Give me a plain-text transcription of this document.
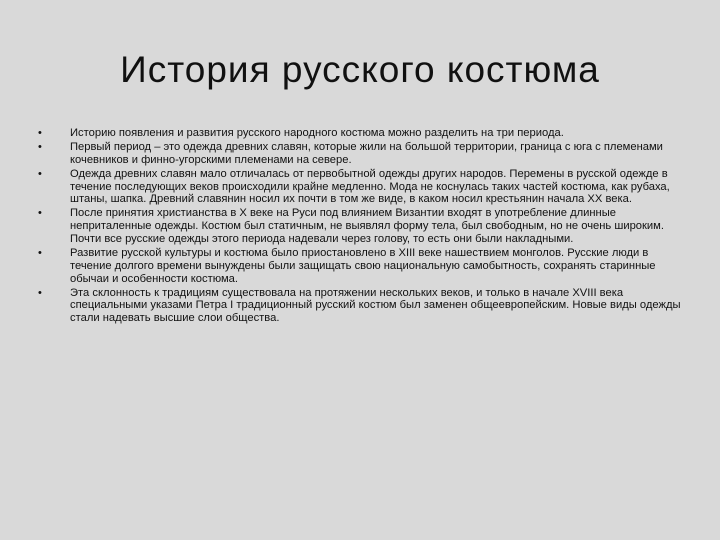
История русского костюма
•	Историю появления и развития русского народного костюма можно разделить на три периода.
•	Первый период – это одежда древних славян, которые жили на большой территории, граница с юга с племенами кочевников и финно-угорскими племенами на севере.
•	Одежда древних славян мало отличалась от первобытной одежды других народов. Перемены в русской одежде в течение последующих веков происходили крайне медленно. Мода не коснулась таких частей костюма, как рубаха, штаны, шапка. Древний славянин носил их почти в том же виде, в каком носил крестьянин начала XX века.
•	После принятия христианства в X веке на Руси под влиянием Византии входят в употребление длинные неприталенные одежды. Костюм был статичным, не выявлял форму тела, был свободным, но не очень широким. Почти все русские одежды этого периода надевали через голову, то есть они были накладными.
•	Развитие русской культуры и костюма было приостановлено в XIII веке нашествием монголов. Русские люди в течение долгого времени вынуждены были защищать свою национальную самобытность, сохранять старинные обычаи и особенности костюма.
•	Эта склонность к традициям существовала на протяжении нескольких веков, и только в начале XVIII века специальными указами Петра I традиционный русский костюм был заменен общеевропейским. Новые виды одежды стали надевать высшие слои общества.
